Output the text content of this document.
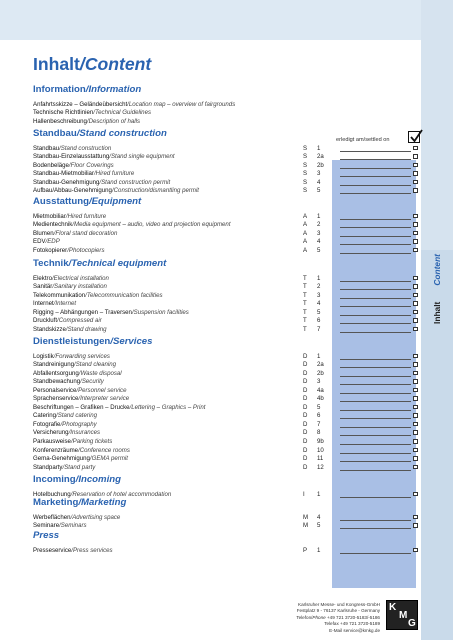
InhaltContent
Inhalt/Content
erledigt am/settled on
Information/Information
Anfahrtsskizze – Geländeübersicht/Location map – overview of fairgrounds
Technische Richtlinien/Technical Guidelines
Hallenbeschreibung/Description of halls
Standbau/Stand construction
Standbau/Stand construction	S 1
Standbau-Einzelausstattung/Stand single equipment	S 2a
Bodenbeläge/Floor Coverings	S 2b
Standbau-Mietmobiliar/Hired furniture	S 3
Standbau-Genehmigung/Stand construction permit	S 4
Aufbau/Abbau-Genehmigung/Construction/dismantling permit	S 5
Ausstattung/Equipment
Mietmobiliar/Hired furniture	A 1
Medientechnik/Media equipment – audio, video and projection equipment	A 2
Blumen/Floral stand decoration	A 3
EDV/EDP	A 4
Fotokopierer/Photocopiers	A 5
Technik/Technical equipment
Elektro/Electrical installation	T 1
Sanitär/Sanitary installation	T 2
Telekommunikation/Telecommunication facilities	T 3
Internet/Internet	T 4
Rigging – Abhängungen – Traversen/Suspension facilities	T 5
Druckluft/Compressed air	T 6
Standskizze/Stand drawing	T 7
Dienstleistungen/Services
Logistik/Forwarding services	D 1
Standreinigung/Stand cleaning	D 2a
Abfallentsorgung/Waste disposal	D 2b
Standbewachung/Security	D 3
Personalservice/Personnel service	D 4a
Sprachenservice/Interpreter service	D 4b
Beschriftungen – Grafiken – Drucke/Lettering – Graphics – Print	D 5
Catering/Stand catering	D 6
Fotografie/Photography	D 7
Versicherung/Insurances	D 8
Parkausweise/Parking tickets	D 9b
Konferenzräume/Conference rooms	D 10
Gema-Genehmigung/GEMA permit	D 11
Standparty/Stand party	D 12
Incoming/Incoming
Hotelbuchung/Reservation of hotel accommodation	I 1
Marketing/Marketing
Werbeflächen/Advertising space	M 4
Seminare/Seminars	M 5
Press
Presseservice/Press services	P 1
Karlsruher Messe- und Kongress-GmbH
Festplatz 9 - 76137 Karlsruhe - Germany
Telefon/Phone +49 721 3720-5183/-5186
Telefax +49 721 3720-5189
E-Mail service@kmkg.de
K
M
G
